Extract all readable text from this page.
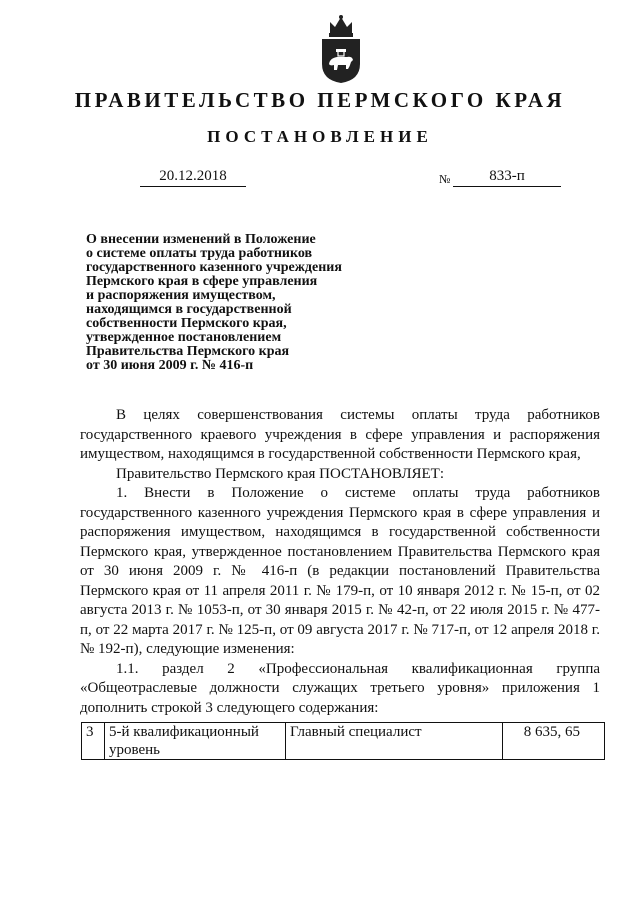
ПРАВИТЕЛЬСТВО ПЕРМСКОГО КРАЯ
ПОСТАНОВЛЕНИЕ
20.12.2018	№	833-п
О внесении изменений в Положение
о системе оплаты труда работников
государственного казенного учреждения
Пермского края в сфере управления
и распоряжения имуществом,
находящимся в государственной
собственности Пермского края,
утвержденное постановлением
Правительства Пермского края
от 30 июня 2009 г. № 416-п

В целях совершенствования системы оплаты труда работников государственного краевого учреждения в сфере управления и распоряжения имуществом, находящимся в государственной собственности Пермского края,

Правительство Пермского края ПОСТАНОВЛЯЕТ:

1. Внести в Положение о системе оплаты труда работников государственного казенного учреждения Пермского края в сфере управления и распоряжения имуществом, находящимся в государственной собственности Пермского края, утвержденное постановлением Правительства Пермского края от 30 июня 2009 г. № 416-п (в редакции постановлений Правительства Пермского края от 11 апреля 2011 г. № 179-п, от 10 января 2012 г. № 15-п, от 02 августа 2013 г. № 1053-п, от 30 января 2015 г. № 42-п, от 22 июля 2015 г. № 477-п, от 22 марта 2017 г. № 125-п, от 09 августа 2017 г. № 717-п, от 12 апреля 2018 г. № 192-п), следующие изменения:

1.1. раздел 2 «Профессиональная квалификационная группа «Общеотраслевые должности служащих третьего уровня» приложения 1 дополнить строкой 3 следующего содержания:

3	5-й квалификационный уровень	Главный специалист	8 635, 65
